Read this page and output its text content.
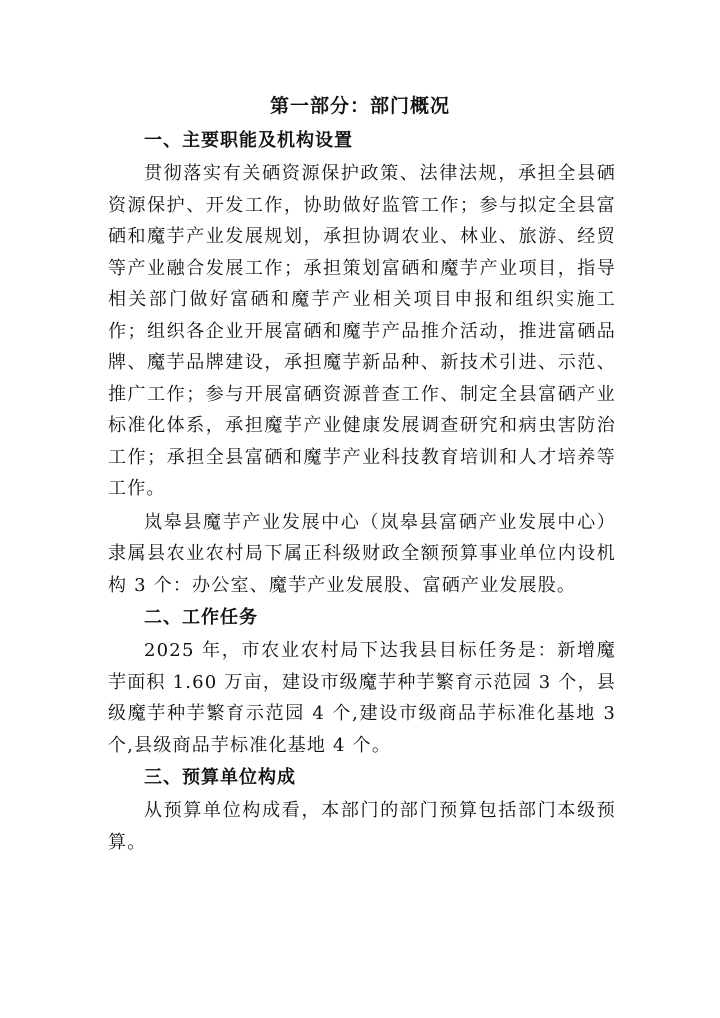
第一部分：部门概况
一、主要职能及机构设置
贯彻落实有关硒资源保护政策、法律法规，承担全县硒资源保护、开发工作，协助做好监管工作；参与拟定全县富硒和魔芋产业发展规划，承担协调农业、林业、旅游、经贸等产业融合发展工作；承担策划富硒和魔芋产业项目，指导相关部门做好富硒和魔芋产业相关项目申报和组织实施工作；组织各企业开展富硒和魔芋产品推介活动，推进富硒品牌、魔芋品牌建设，承担魔芋新品种、新技术引进、示范、推广工作；参与开展富硒资源普查工作、制定全县富硒产业标准化体系，承担魔芋产业健康发展调查研究和病虫害防治工作；承担全县富硒和魔芋产业科技教育培训和人才培养等工作。
岚皋县魔芋产业发展中心（岚皋县富硒产业发展中心）隶属县农业农村局下属正科级财政全额预算事业单位内设机构 3 个：办公室、魔芋产业发展股、富硒产业发展股。
二、工作任务
2025 年，市农业农村局下达我县目标任务是：新增魔芋面积 1.60 万亩，建设市级魔芋种芋繁育示范园 3 个，县级魔芋种芋繁育示范园 4 个,建设市级商品芋标准化基地 3 个,县级商品芋标准化基地 4 个。
三、预算单位构成
从预算单位构成看，本部门的部门预算包括部门本级预算。
